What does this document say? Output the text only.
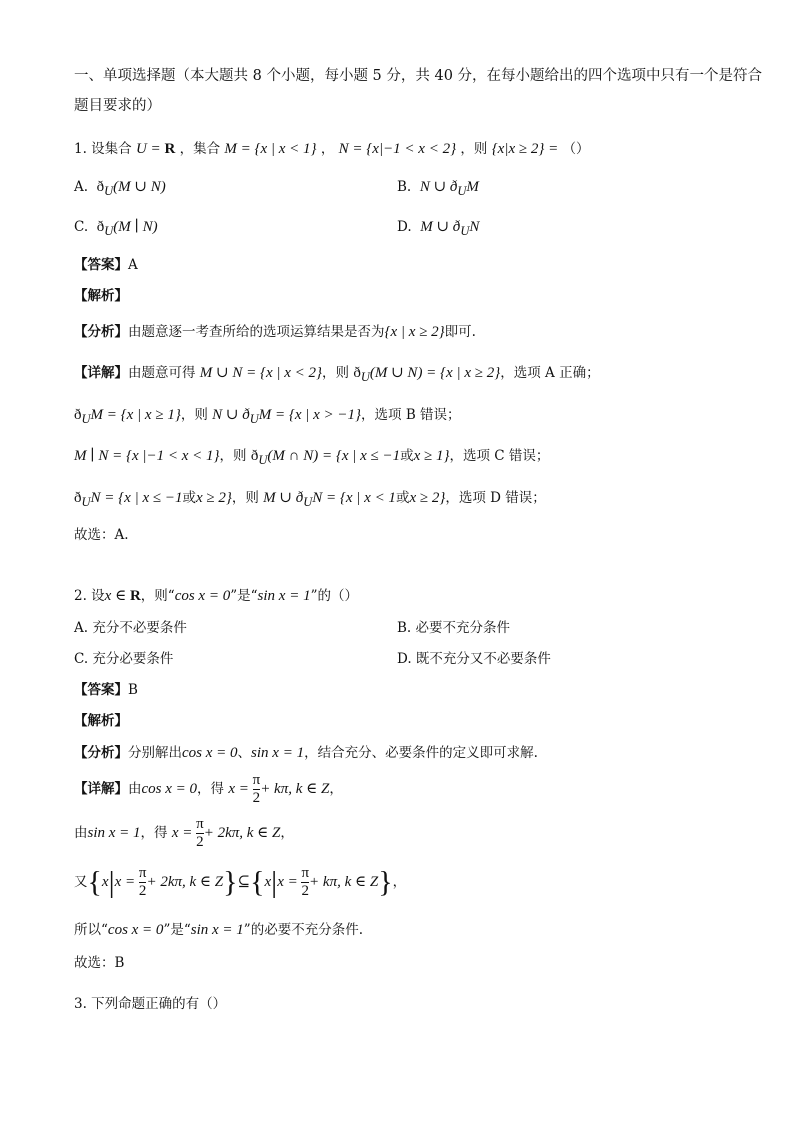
一、单项选择题（本大题共 8 个小题，每小题 5 分，共 40 分，在每小题给出的四个选项中只有一个是符合
题目要求的）
1. 设集合 U = R ，集合 M = {x | x < 1} ， N = {x|−1 < x < 2} ，则 {x|x ≥ 2} = （）
A. $ð_U(M$ ∪ N)	B. N ∪ $ð_UM$
C. $ð_U(M$ ∣ N)	D. M ∪ $ð_UN$
【答案】A
【解析】
【分析】由题意逐一考查所给的选项运算结果是否为{x | x ≥ 2}即可.
【详解】由题意可得 M ∪ N = {x | x < 2}，则 $ð_U(M$ ∪ N) = {x | x ≥ 2}，选项 A 正确；
$ð_UM = \{x$ | x ≥ 1}，则 N ∪ $ð_UM = \{x$ | x > −1}，选项 B 错误；
M ∣ N = {x |−1 < x < 1}，则 $ð_U(M$ ∩ N) = {x | x ≤ −1或x ≥ 1}，选项 C 错误；
$ð_UN = \{x$ | x ≤ −1或x ≥ 2}，则 M ∪ $ð_UN = \{x$ | x < 1或x ≥ 2}，选项 D 错误；
故选：A.
2. 设x ∈ R，则“cos x = 0”是“sin x = 1”的（）
A. 充分不必要条件	B. 必要不充分条件
C. 充分必要条件	D. 既不充分又不必要条件
【答案】B
【解析】
【分析】分别解出cos x = 0、sin x = 1，结合充分、必要条件的定义即可求解.
【详解】由cos x = 0，得 $x = \frac{\pi}{2}+ k\pi$, k ∈ Z，
由sin x = 1，得 $x = \frac{\pi}{2}+ 2k\pi$, k ∈ Z，
又{$x|x = \frac{\pi}{2}+ 2k\pi$, k ∈ Z}⊆{x|x = $\frac{\pi}{2}+ k\pi$, k ∈ Z}，
所以“cos x = 0”是“sin x = 1”的必要不充分条件.
故选：B
3. 下列命题正确的有（）
